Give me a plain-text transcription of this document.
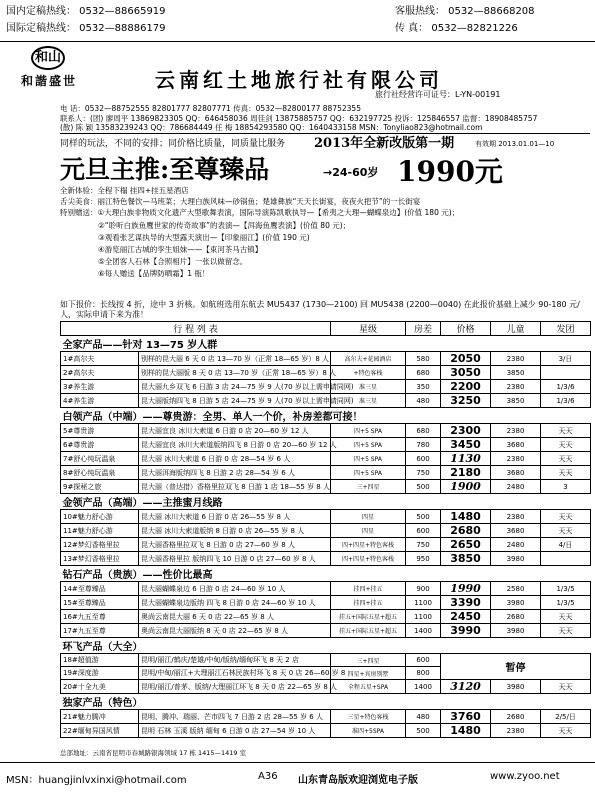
国内定稿热线： 0532—88665919
国际定稿热线： 0532—88886179
客服热线： 0532—88668208
传 真： 0532—82821226
和山
和諧盛世	云南红土地旅行社有限公司
旅行社经营许可证号：L-YN-00191
电 话：0532—88752555 82801777 82807771 传真：0532—82800177 88752355
联系人：(团) 廖周平 13869823305 QQ：646458036 周佳剑 13875885757 QQ：632197725 投诉：125846557 监督：18908485757
(散) 陈 颖 13583239243 QQ：786684449 任 梅 18854293580 QQ：1640433158 MSN：Tonyliao823@hotmail.com
同样的玩法，不同的安排；同价格比质量，同质量比服务 2013年全新改版第一期	有效期 2013.01.01—10
元旦主推:至尊臻品	→24-60岁 1990元
全新体验：全程下榻 挂四+挂五星酒店
舌尖美食：丽江特色餐饮—马班菜；大理白族风味—砂锅鱼；楚雄彝族“天天长街宴，夜夜火把节”的一长街宴
特别赠送：①大理白族非物质文化遗产大型歌舞表演，国际导演陈凯歌执导—【希夷之大理—蝴蝶泉边】(价值 180 元)；
②“聆听白族鱼鹰世家的传奇故事”的表演—【洱海鱼鹰表演】(价值 80 元)；
③观看张艺谋执导的大型露天演出—【印象丽江】(价值 190 元)
④游览丽江古城的孪生姐妹——【束河茶马古镇】
⑤全团客人石林【合照相片】一张以做留念。
⑥每人赠送【品牌防晒霜】1 瓶！
如下报价：长线按 4 折，途中 3 折核。如航班选用东航去 MU5437 (1730—2100) 回 MU5438 (2200—0040) 在此报价基础上减少 90-180 元/人，实际申请下来为准！
行 程 列 表		星级	房差	价格	儿童	发团
全家产品——针对 13—75 岁人群						
1#高尔夫	别样的昆大丽 6 天 0 店 13—70 岁（正常 18—65 岁）8 人	高尔夫+花园酒店	580	2050	2380	3/日
2#高尔夫	别样的昆大丽版 8 天 0 店 13—70 岁（正常 18—65 岁）8 人	+特色客栈	680	3050	3850	
3#养生游	昆大丽九乡双飞 6 日游 3 店 24—75 岁 9 人(70 岁以上需申请同网)	准三星	350	2200	2380	1/3/6
4#养生游	昆大丽版纳四飞 8 日游 5 店 24—75 岁 9 人(70 岁以上需申请同网)	准三星	480	3250	3850	1/3/6
白领产品（中端）——尊贵游：全男、单人一个价，补房差都可接！						
5#尊贵游	昆大丽宜良 冰川大索道 6 日游 0 店 20—60 岁 12 人	四+5 SPA	680	2300	2380	天天
6#尊贵游	昆大丽宜良 冰川大索道版纳四飞 8 日游 0 店 20—60 岁 12 人	四+5 SPA	780	3450	3680	天天
7#舒心纯玩温泉	昆大丽 冰川大索道 6 日游 0 店 28—54 岁 6 人	四+5 SPA	600	1130	2380	天天
8#舒心纯玩温泉	昆大丽洱海版纳四飞 8 日游 2 店 28—54 岁 6 人	四+5 SPA	750	2180	3680	天天
9#探秘之旅	昆大丽（普达措）香格里拉双飞 8 日游 1 店 18—55 岁 8 人	三+四星	500	1900	2480	3
金领产品（高端）——主推蜜月线路						
10#魅力舒心游	昆大丽 冰川大索道 6 日游 0 店 26—55 岁 8 人	四星	500	1480	2380	天天
11#魅力舒心游	昆大丽 冰川大索道版纳 8 日游 0 店 26—55 岁 8 人	四星	600	2680	3680	天天
12#梦幻香格里拉	昆大丽香格里拉双飞 8 日游 0 店 27—60 岁 8 人	四+四星+特色客栈	750	2650	2480	4/日
13#梦幻香格里拉	昆大丽香格里拉 版纳四飞 10 日游 0 店 27—60 岁 8 人	四+四星+特色客栈	950	3850	3980	
钻石产品（贵族）——性价比最高						
14#至尊臻品	昆大丽蝴蝶泉边 6 日游 0 店 24—60 岁 10 人	挂四+挂五	900	1990	2580	1/3/5
15#至尊臻品	昆大丽蝴蝶泉边版纳 四飞 8 日游 0 店 24—60 岁 10 人	挂四+挂五	1100	3390	3980	1/3/5
16#九五至尊	奥尚云南昆大丽 6 天 0 店 22—65 岁 8 人	挂五+国际五星+超五	1100	2450	2680	天天
17#九五至尊	奥尚云南昆大丽版纳 8 天 0 店 22—65 岁 8 人	挂五+国际五星+超五	1400	3990	3980	天天
环飞产品（大全）						
18#超值游	昆明/丽江/鹤庆/楚雄/中甸/版纳/缅甸环飞 8 天 2 店	三+四星	600	暂停		
19#深度游	昆明/中甸/丽江+大理丽江石林民族村环飞 8 天 0 店 26—60 岁 8	四星+宾房别墅	800			
20#十全九美	昆明/丽江/普茅、版纳/大理丽江环飞 8 天 0 店 22—65 岁 8 人	全程五星+SPA	1400	3120	3980	天天
独家产品（特色）						
21#魅力腾冲	昆明、腾冲、瑞丽、芒市四飞 7 日游 2 店 28—55 岁 6 人	三星+特色客栈	480	3760	2680	2/5/日
22#缅甸异国风情	昆明 石林 玉溪 版纳 缅甸 6 日游 0 店 27—54 岁 10 人	准四+5SPA	500	1480	2380	天天
总部地址：云南省昆明市春城路银海领域 17 栋 1415—1419 室
MSN：huangjinlvxinxi@hotmail.com	A36 山东青岛版欢迎浏览电子版	www.zyoo.net
